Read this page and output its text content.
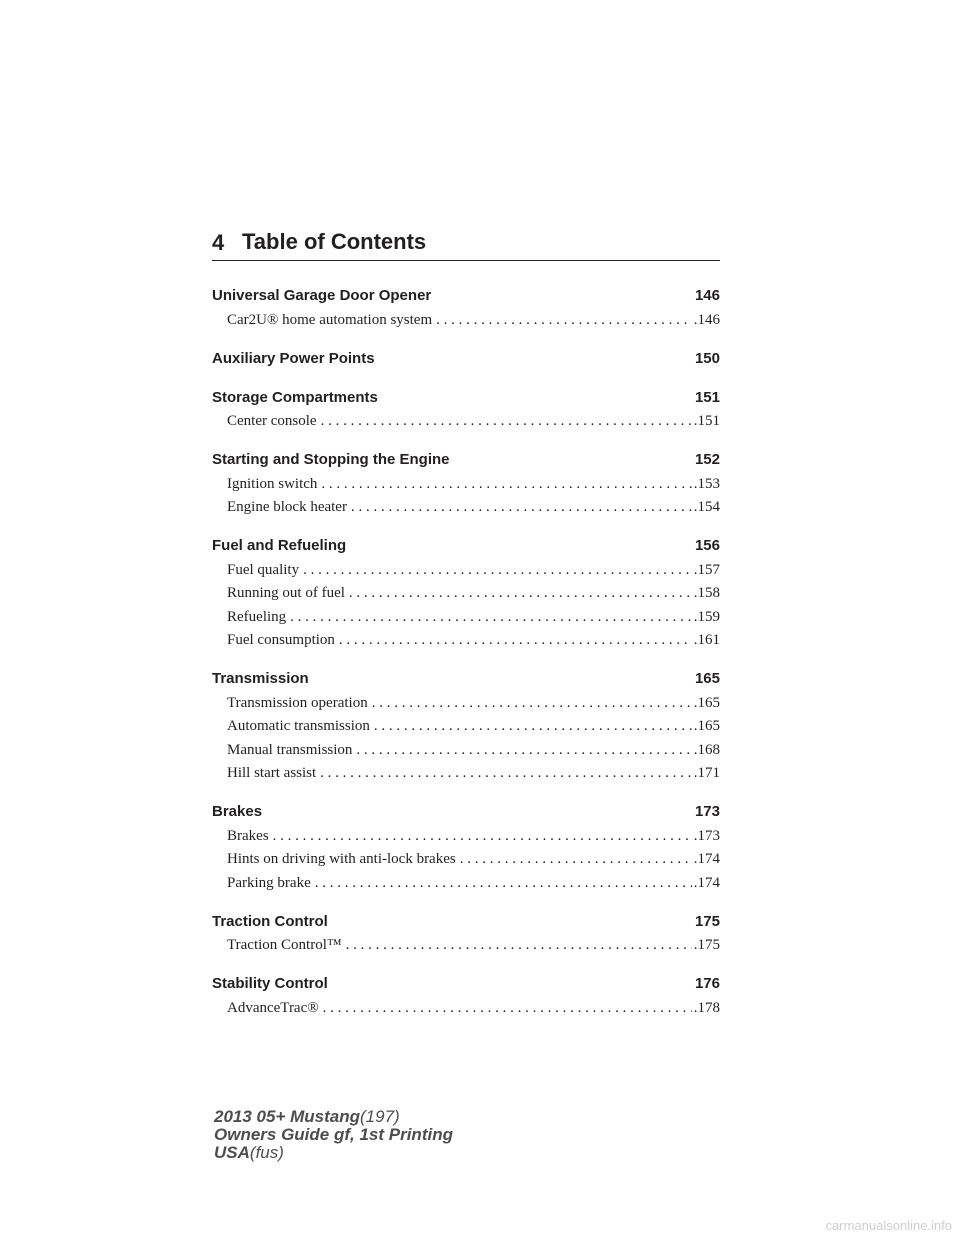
4 Table of Contents
Universal Garage Door Opener	146
Car2U® home automation system . . .	.146
Auxiliary Power Points	150
Storage Compartments	151
Center console . . .	.151
Starting and Stopping the Engine	152
Ignition switch . . .	.153
Engine block heater . . .	.154
Fuel and Refueling	156
Fuel quality . . .	.157
Running out of fuel . . .	.158
Refueling . . .	.159
Fuel consumption . . .	.161
Transmission	165
Transmission operation . . .	.165
Automatic transmission . . .	.165
Manual transmission . . .	.168
Hill start assist . . .	.171
Brakes	173
Brakes . . .	.173
Hints on driving with anti-lock brakes . . .	.174
Parking brake . . .	.174
Traction Control	175
Traction Control™ . . .	.175
Stability Control	176
AdvanceTrac® . . .	.178
2013 05+ Mustang(197)
Owners Guide gf, 1st Printing
USA(fus)
carmanualsonline.info
